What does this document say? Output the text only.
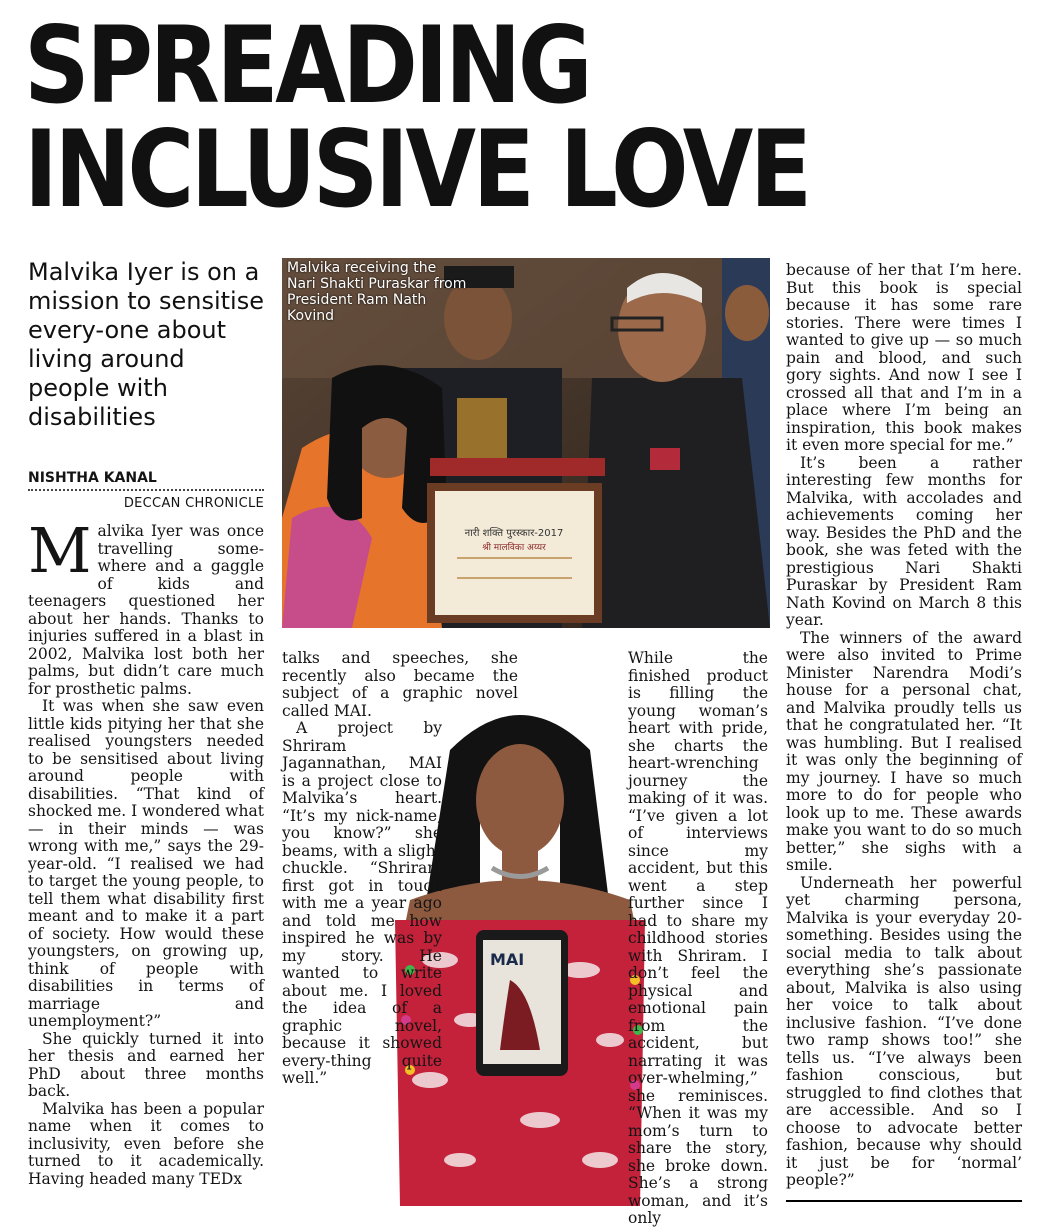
SPREADING
INCLUSIVE LOVE
Malvika Iyer is on a mission to sensitise every-one about living around people with disabilities
NISHTHA KANAL
DECCAN CHRONICLE
नारी शक्ति पुरस्कार-2017
श्री मालविका अय्यर
Malvika receiving the Nari Shakti Puraskar from President Ram Nath Kovind

Malvika Iyer was once travelling some-where and a gaggle of kids and teenagers questioned her about her hands. Thanks to injuries suffered in a blast in 2002, Malvika lost both her palms, but didn’t care much for prosthetic palms.

It was when she saw even little kids pitying her that she realised youngsters needed to be sensitised about living around people with disabilities. “That kind of shocked me. I wondered what — in their minds — was wrong with me,” says the 29-year-old. “I realised we had to target the young people, to tell them what disability first meant and to make it a part of society. How would these youngsters, on growing up, think of people with disabilities in terms of marriage and unemployment?”

She quickly turned it into her thesis and earned her PhD about three months back.

Malvika has been a popular name when it comes to inclusivity, even before she turned to it academically. Having headed many TEDx

MAI

talks and speeches, she recently also became the subject of a graphic novel called MAI.

A project by Shriram Jagannathan, MAI is a project close to Malvika’s heart. “It’s my nick-name, you know?” she beams, with a slight chuckle. “Shriram first got in touch with me a year ago and told me how inspired he was by my story. He wanted to write about me. I loved the idea of a graphic novel, because it showed every-thing quite well.”

While the finished product is filling the young woman’s heart with pride, she charts the heart-wrenching journey the making of it was. “I’ve given a lot of interviews since my accident, but this went a step further since I had to share my childhood stories with Shriram. I don’t feel the physical and emotional pain from the accident, but narrating it was over-whelming,” she reminisces. “When it was my mom’s turn to share the story, she broke down. She’s a strong woman, and it’s only

because of her that I’m here. But this book is special because it has some rare stories. There were times I wanted to give up — so much pain and blood, and such gory sights. And now I see I crossed all that and I’m in a place where I’m being an inspiration, this book makes it even more special for me.”

It’s been a rather interesting few months for Malvika, with accolades and achievements coming her way. Besides the PhD and the book, she was feted with the prestigious Nari Shakti Puraskar by President Ram Nath Kovind on March 8 this year.

The winners of the award were also invited to Prime Minister Narendra Modi’s house for a personal chat, and Malvika proudly tells us that he congratulated her. “It was humbling. But I realised it was only the beginning of my journey. I have so much more to do for people who look up to me. These awards make you want to do so much better,” she sighs with a smile.

Underneath her powerful yet charming persona, Malvika is your everyday 20-something. Besides using the social media to talk about everything she’s passionate about, Malvika is also using her voice to talk about inclusive fashion. “I’ve done two ramp shows too!” she tells us. “I’ve always been fashion conscious, but struggled to find clothes that are accessible. And so I choose to advocate better fashion, because why should it just be for ‘normal’ people?”
